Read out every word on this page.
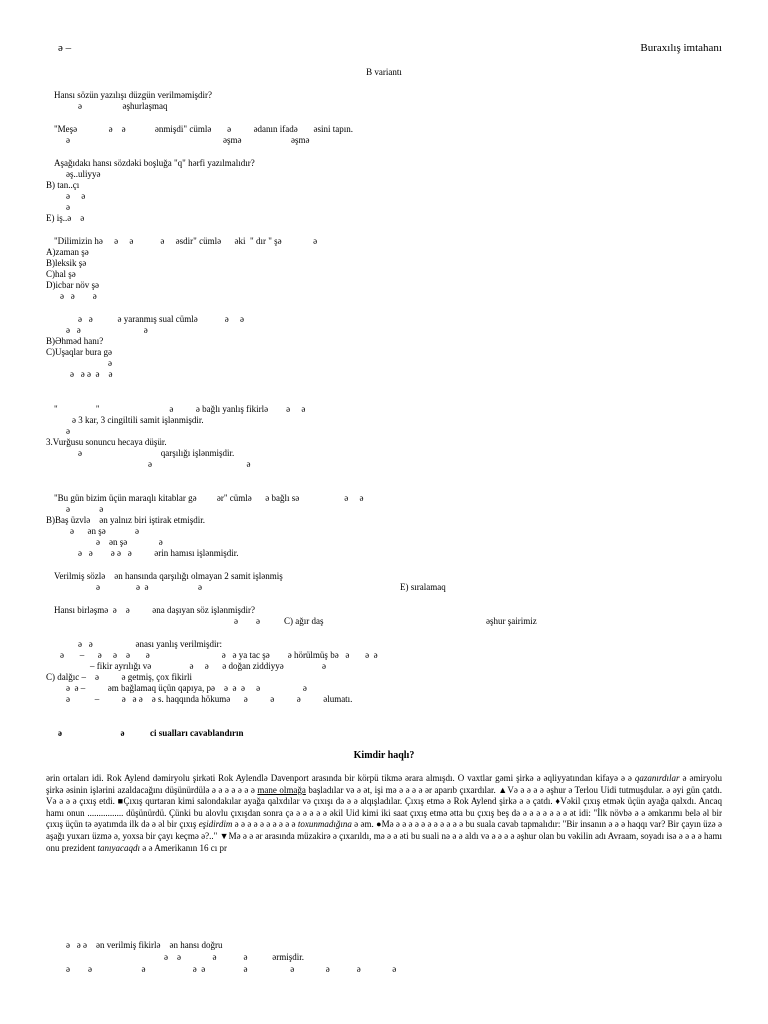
ə –	Buraxılış imtahanı
B variantı
Hansı sözün yazılışı düzgün verilməmişdir?
ə                  əşhurlaşmaq
"Meşə              ə    ə             ənmişdi" cümlə       ə          ədanın ifadə       əsini tapın.
ə                                                                    əşmə                      əşmə
Aşağıdakı hansı sözdəki boşluğa "q" hərfi yazılmalıdır?
əş..uliyyə
B) tan..çı
ə     ə
ə
E) iş..ə    ə
"Dilimizin hə     ə     ə            ə     əsdir" cümlə      əki  " dır " şə              ə
A)zaman şə
B)leksik şə
C)hal şə
D)icbar növ şə
ə   ə        ə
ə   ə           ə yaranmış sual cümlə            ə     ə
ə   ə                            ə
B)Əhməd hanı?
C)Uşaqlar bura gə
ə
ə   ə ə  ə    ə
"                 "                               ə          ə bağlı yanlış fikirlə        ə     ə
ə 3 kar, 3 cingiltili samit işlənmişdir.
ə
3.Vurğusu sonuncu hecaya düşür.
ə                                   qarşılığı işlənmişdir.
ə                                          ə
"Bu gün bizim üçün maraqlı kitablar gə         ər" cümlə      ə bağlı sə                    ə     ə
ə             ə
B)Baş üzvlə    ən yalnız biri iştirak etmişdir.
ə      ən şə             ə
ə    ən şə              ə
ə   ə        ə ə   ə          ərin hamısı işlənmişdir.
Verilmiş sözlə    ən hansında qarşılığı olmayan 2 samit işlənmiş
ə                ə  ə                      ə	E) sıralamaq
Hansı birləşmə  ə    ə          əna daşıyan söz işlənmişdir?
ə        ə	C) ağır daş	əşhur şairimiz
ə   ə                   ənası yanlış verilmişdir:
ə       –      ə     ə    ə       ə                                ə   ə ya tac şə        ə hörülmüş bə   ə       ə  ə
– fikir ayrılığı və                 ə     ə      ə doğan ziddiyyə                 ə
C) dalğıc –    ə          ə getmiş, çox fikirli
ə  ə –          əm bağlamaq üçün qapıya, pə    ə  ə  ə     ə                   ə
ə           –          ə   ə ə    ə s. haqqında hökumə      ə          ə          ə          əlumatı.
ə                          ə	ci sualları cavablandırın
Kimdir haqlı?
ərin ortaları idi. Rok Aylend dəmiryolu şirkəti Rok Aylendlə Davenport arasında bir körpü tikmə ərara almışdı. O vaxtlar gəmi şirkə ə əqliyyatından kifayə ə ə qazanırdılar ə əmiryolu şirkə əsinin işlərini azaldacağını düşünürdülə ə ə ə ə ə ə ə mane olmağa başladılar və ə ət, işi mə ə ə ə ə ər aparıb çıxardılar. ▲Və ə ə ə ə əşhur ə Terlou Uidi tutmuşdular. ə əyi gün çatdı. Və ə ə ə çıxış etdi. ■Çıxış qurtaran kimi salondakılar ayağa qalxdılar və çıxışı də ə ə alqışladılar. Çıxış etmə ə Rok Aylend şirkə ə ə çatdı. ♦Vəkil çıxış etmək üçün ayağa qalxdı. Ancaq hamı onun ................ düşünürdü. Çünki bu alovlu çıxışdan sonra çə ə ə ə ə ə əkil Uid kimi iki saat çıxış etmə ətta bu çıxış beş də ə ə ə ə ə ə ə ət idi: "İlk növbə ə ə əmkarımı belə əl bir çıxış üçün tə əyatımda ilk də ə əl bir çıxış eşidirdim ə ə ə ə ə ə ə ə ə ə toxunmadığına ə əm. ●Mə ə ə ə ə ə ə ə ə ə ə ə bu suala cavab tapmalıdır: "Bir insanın ə ə ə haqqı var? Bir çayın üzə ə aşağı yuxarı üzmə ə, yoxsa bir çayı keçmə ə?.." ▼Mə ə ə ər arasında müzakirə ə çıxarıldı, mə ə ə əti bu suali nə ə ə aldı və ə ə ə ə əşhur olan bu vəkilin adı Avraam, soyadı isə ə ə ə ə hamı onu prezident tanıyacaqdı ə ə Amerikanın 16 cı pr
ə   ə ə    ən verilmiş fikirlə    ən hansı doğru
ə    ə              ə            ə           ərmişdir.
ə        ə                      ə                     ə  ə                 ə                   ə              ə            ə              ə
